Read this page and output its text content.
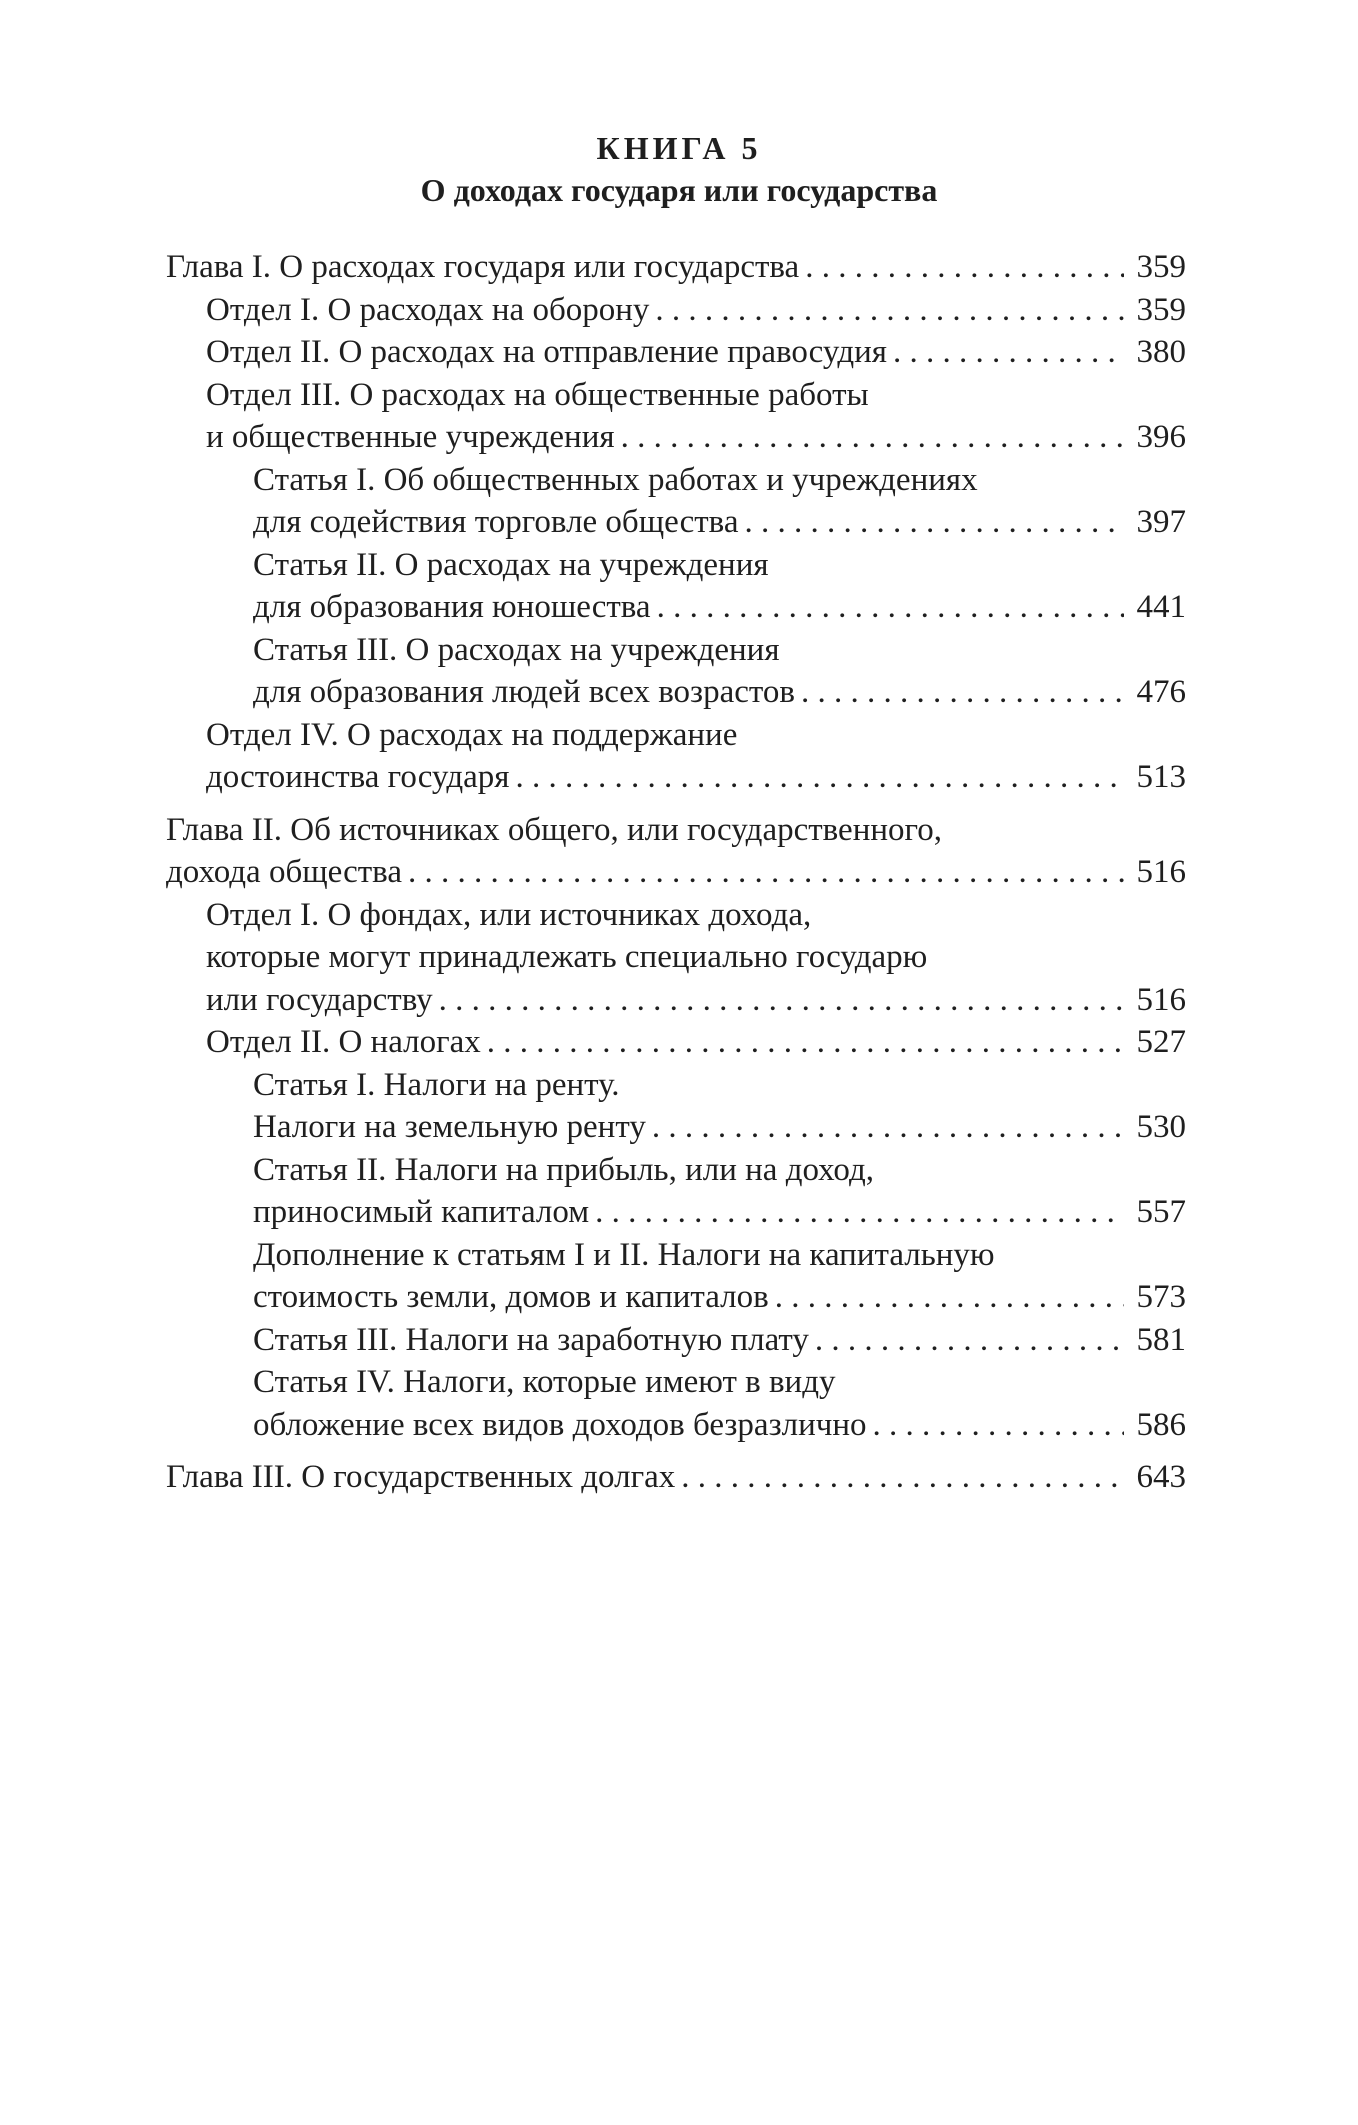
КНИГА 5
О доходах государя или государства
Глава I. О расходах государя или государства . . .	359
Отдел I. О расходах на оборону . . .	359
Отдел II. О расходах на отправление правосудия . . .	380
Отдел III. О расходах на общественные работы
и общественные учреждения . . .	396
Статья I. Об общественных работах и учреждениях
для содействия торговле общества . . .	397
Статья II. О расходах на учреждения
для образования юношества . . .	441
Статья III. О расходах на учреждения
для образования людей всех возрастов . . .	476
Отдел IV. О расходах на поддержание
достоинства государя . . .	513
Глава II. Об источниках общего, или государственного,
дохода общества . . .	516
Отдел I. О фондах, или источниках дохода,
которые могут принадлежать специально государю
или государству . . .	516
Отдел II. О налогах . . .	527
Статья I. Налоги на ренту.
Налоги на земельную ренту . . .	530
Статья II. Налоги на прибыль, или на доход,
приносимый капиталом . . .	557
Дополнение к статьям I и II. Налоги на капитальную
стоимость земли, домов и капиталов . . .	573
Статья III. Налоги на заработную плату . . .	581
Статья IV. Налоги, которые имеют в виду
обложение всех видов доходов безразлично . . .	586
Глава III. О государственных долгах . . .	643
